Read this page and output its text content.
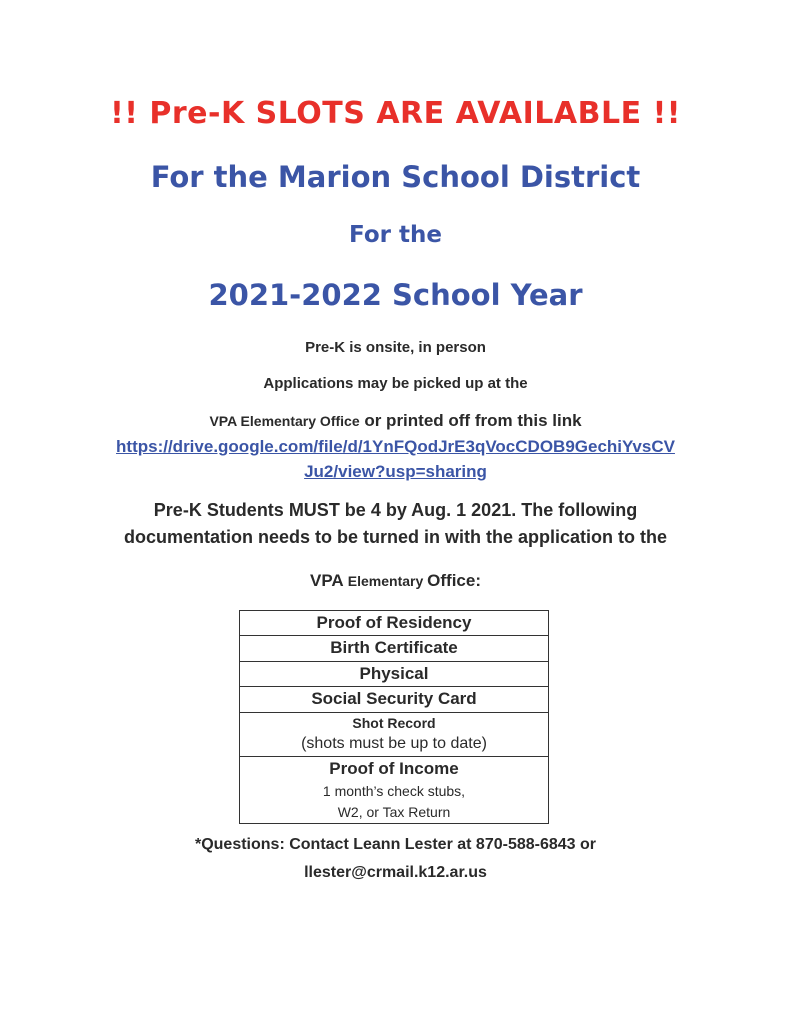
!! Pre-K SLOTS ARE AVAILABLE !!
For the Marion School District
For the
2021-2022 School Year
Pre-K is onsite, in person
Applications may be picked up at the
VPA Elementary Office or printed off from this link
https://drive.google.com/file/d/1YnFQodJrE3qVocCDOB9GechiYvsCV
Ju2/view?usp=sharing
Pre-K Students MUST be 4 by Aug. 1 2021. The following
documentation needs to be turned in with the application to the
VPA Elementary Office:
Proof of Residency

Birth Certificate

Physical

Social Security Card

Shot Record
(shots must be up to date)

Proof of Income
1 month’s check stubs,
W2, or Tax Return
*Questions: Contact Leann Lester at 870-588-6843 or
llester@crmail.k12.ar.us
